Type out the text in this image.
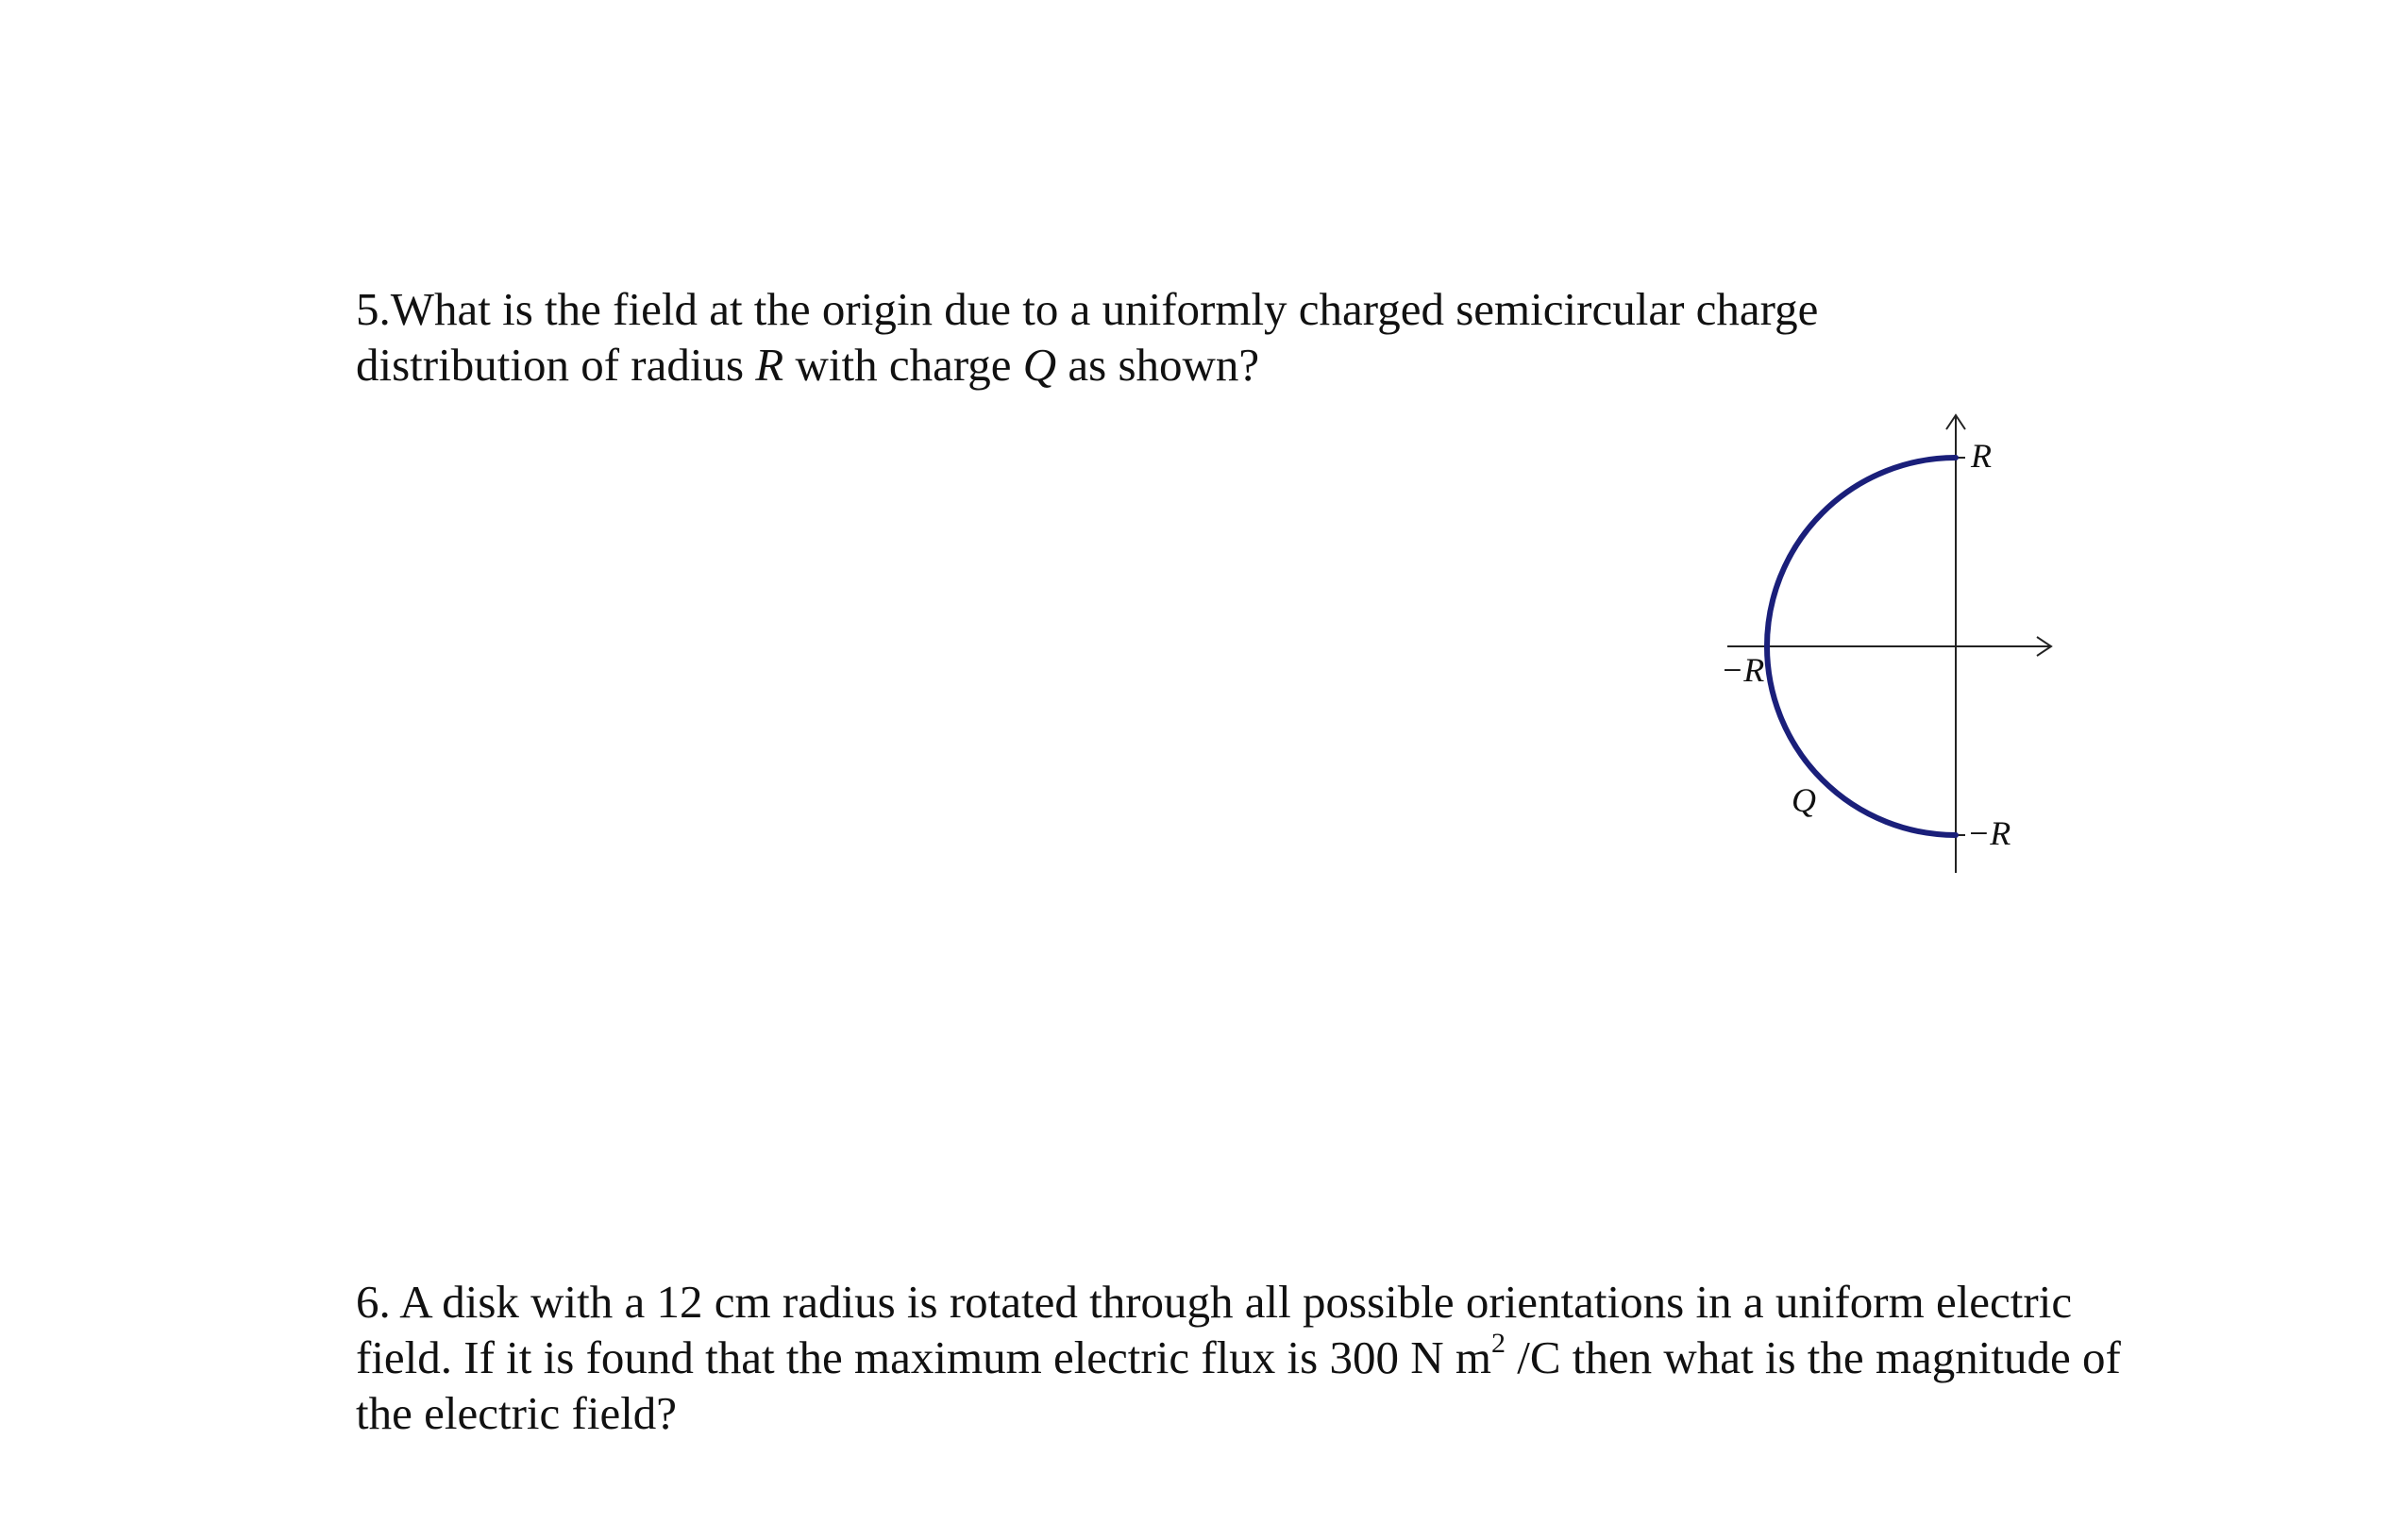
5.What is the field at the origin due to a uniformly charged semicircular charge distribution of radius R with charge Q as shown?

R
−R
−R
Q

6. A disk with a 12 cm radius is rotated through all possible orientations in a uniform electric field. If it is found that the maximum electric flux is 300 N $m^2$ /C then what is the magnitude of the electric field?
